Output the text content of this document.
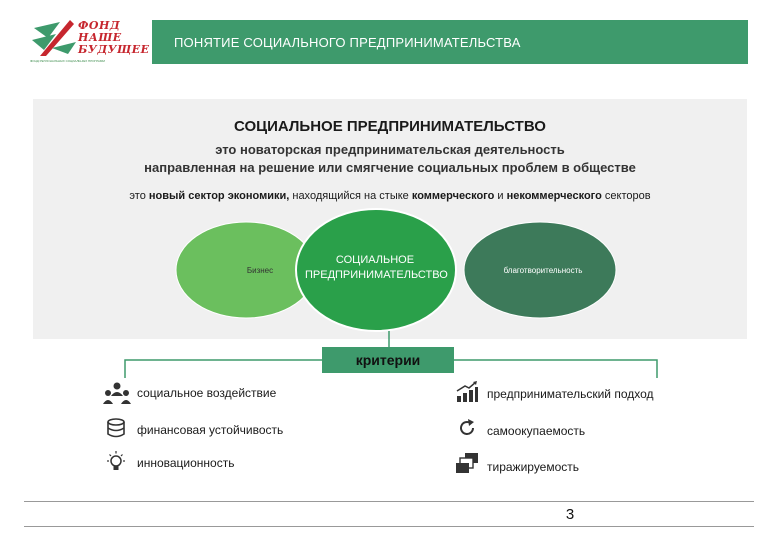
ФОНД
НАШЕ
БУДУЩЕЕ
ФОНД РЕГИОНАЛЬНЫХ СОЦИАЛЬНЫХ ПРОГРАММ
ПОНЯТИЕ СОЦИАЛЬНОГО ПРЕДПРИНИМАТЕЛЬСТВА
СОЦИАЛЬНОЕ ПРЕДПРИНИМАТЕЛЬСТВО
это новаторская предпринимательская деятельность
направленная на решение или смягчение социальных проблем в обществе
это новый сектор экономики, находящийся на стыке коммерческого и некоммерческого секторов
Бизнес
СОЦИАЛЬНОЕ
ПРЕДПРИНИМАТЕЛЬСТВО	благотворительность
критерии
социальное воздействие
финансовая устойчивость
инновационность
предпринимательский подход
самоокупаемость
тиражируемость
3
